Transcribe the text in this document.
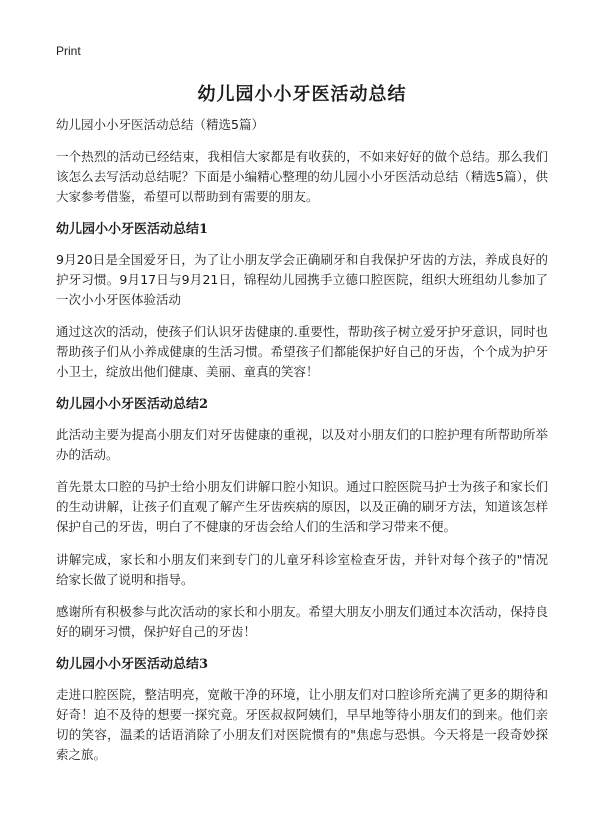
Print
幼儿园小小牙医活动总结
幼儿园小小牙医活动总结（精选5篇）

一个热烈的活动已经结束，我相信大家都是有收获的，不如来好好的做个总结。那么我们该怎么去写活动总结呢？下面是小编精心整理的幼儿园小小牙医活动总结（精选5篇），供大家参考借鉴，希望可以帮助到有需要的朋友。

幼儿园小小牙医活动总结1

9月20日是全国爱牙日，为了让小朋友学会正确刷牙和自我保护牙齿的方法，养成良好的护牙习惯。9月17日与9月21日，锦程幼儿园携手立德口腔医院，组织大班组幼儿参加了一次小小牙医体验活动

通过这次的活动，使孩子们认识牙齿健康的.重要性，帮助孩子树立爱牙护牙意识，同时也帮助孩子们从小养成健康的生活习惯。希望孩子们都能保护好自己的牙齿，个个成为护牙小卫士，绽放出他们健康、美丽、童真的笑容！

幼儿园小小牙医活动总结2

此活动主要为提高小朋友们对牙齿健康的重视，以及对小朋友们的口腔护理有所帮助所举办的活动。

首先景太口腔的马护士给小朋友们讲解口腔小知识。通过口腔医院马护士为孩子和家长们的生动讲解，让孩子们直观了解产生牙齿疾病的原因，以及正确的刷牙方法，知道该怎样保护自己的牙齿，明白了不健康的牙齿会给人们的生活和学习带来不便。

讲解完成，家长和小朋友们来到专门的儿童牙科诊室检查牙齿，并针对每个孩子的"情况给家长做了说明和指导。

感谢所有积极参与此次活动的家长和小朋友。希望大朋友小朋友们通过本次活动，保持良好的刷牙习惯，保护好自己的牙齿！

幼儿园小小牙医活动总结3

走进口腔医院，整洁明亮，宽敞干净的环境，让小朋友们对口腔诊所充满了更多的期待和好奇！迫不及待的想要一探究竟。牙医叔叔阿姨们，早早地等待小朋友们的到来。他们亲切的笑容，温柔的话语消除了小朋友们对医院惯有的"焦虑与恐惧。今天将是一段奇妙探索之旅。
